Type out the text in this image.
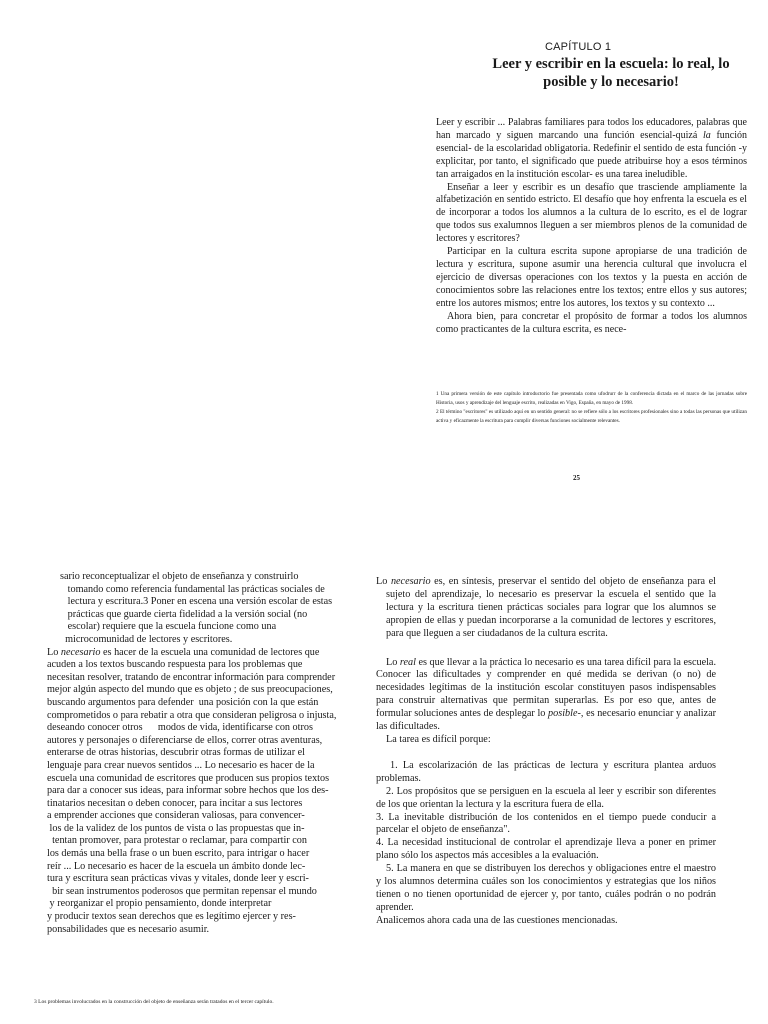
CAPÍTULO 1
Leer y escribir en la escuela: lo real, lo posible y lo necesario!

Leer y escribir ... Palabras familiares para todos los educadores, palabras que han marcado y siguen marcando una función esencial-quizá la función esencial- de la escolaridad obligatoria. Redefinir el sentido de esta función -y explicitar, por tanto, el significado que puede atribuirse hoy a esos términos tan arraigados en la institución escolar- es una tarea ineludible.

Enseñar a leer y escribir es un desafío que trasciende ampliamente la alfabetización en sentido estricto. El desafío que hoy enfrenta la escuela es el de incorporar a todos los alumnos a la cultura de lo escrito, es el de lograr que todos sus exalumnos lleguen a ser miembros plenos de la comunidad de lectores y escritores?

Participar en la cultura escrita supone apropiarse de una tradición de lectura y escritura, supone asumir una herencia cultural que involucra el ejercicio de diversas operaciones con los textos y la puesta en acción de conocimientos sobre las relaciones entre los textos; entre ellos y sus autores; entre los autores mismos; entre los autores, los textos y su contexto ...

Ahora bien, para concretar el propósito de formar a todos los alumnos como practicantes de la cultura escrita, es nece-

1 Una primera versión de este capítulo introductorio fue presentada como ufodrurr de la conferencia dictada en el marco de las jornadas sobre Historia, usos y aprendizaje del lenguaje escrito, realizadas en Vigo, España, en mayo de 1998.

2 El término "escritores" es utilizado aquí en un sentido general: no se refiere sólo a los escritores profesionales sino a todas las personas que utilizan activa y eficazmente la escritura para cumplir diversas funciones socialmente relevantes.

25
sario reconceptualizar el objeto de enseñanza y construirlo
tomando como referencia fundamental las prácticas sociales de
lectura y escritura.3 Poner en escena una versión escolar de estas
prácticas que guarde cierta fidelidad a la versión social (no
escolar) requiere que la escuela funcione como una
microcomunidad de lectores y escritores.
Lo necesario es hacer de la escuela una comunidad de lectores que
acuden a los textos buscando respuesta para los problemas que
necesitan resolver, tratando de encontrar información para comprender
mejor algún aspecto del mundo que es objeto ; de sus preocupaciones,
buscando argumentos para defender  una posición con la que están
comprometidos o para rebatir a otra que consideran peligrosa o injusta,
deseando conocer otros      modos de vida, identificarse con otros
autores y personajes o diferenciarse de ellos, correr otras aventuras,
enterarse de otras historias, descubrir otras formas de utilizar el
lenguaje para crear nuevos sentidos ... Lo necesario es hacer de la
escuela una comunidad de escritores que producen sus propios textos
para dar a conocer sus ideas, para informar sobre hechos que los des-
tinatarios necesitan o deben conocer, para incitar a sus lectores
a emprender acciones que consideran valiosas, para convencer-
los de la validez de los puntos de vista o las propuestas que in-
tentan promover, para protestar o reclamar, para compartir con
los demás una bella frase o un buen escrito, para intrigar o hacer
reír ... Lo necesario es hacer de la escuela un ámbito donde lec-
tura y escritura sean prácticas vivas y vitales, donde leer y escri-
bir sean instrumentos poderosos que permitan repensar el mundo
y reorganizar el propio pensamiento, donde interpretar
y producir textos sean derechos que es legítimo ejercer y res-
ponsabilidades que es necesario asumir.
3 Los problemas involucrados en la construcción del objeto de enseñanza serán tratados en el tercer capítulo.

Lo necesario es, en síntesis, preservar el sentido del objeto de enseñanza para el sujeto del aprendizaje, lo necesario es preservar la escuela el sentido que la lectura y la escritura tienen prácticas sociales para lograr que los alumnos se apropien de ellas y puedan incorporarse a la comunidad de lectores y escritores, para que lleguen a ser ciudadanos de la cultura escrita.

Lo real es que llevar a la práctica lo necesario es una tarea difícil para la escuela. Conocer las dificultades y comprender en qué medida se derivan (o no) de necesidades legítimas de la institución escolar constituyen pasos indispensables para construir alternativas que permitan superarlas. Es por eso que, antes de formular soluciones antes de desplegar lo posible-, es necesario enunciar y analizar las dificultades.

La tarea es difícil porque:

1. La escolarización de las prácticas de lectura y escritura plantea arduos problemas.

2. Los propósitos que se persiguen en la escuela al leer y escribir son diferentes de los que orientan la lectura y la escritura fuera de ella.

3. La inevitable distribución de los contenidos en el tiempo puede conducir a parcelar el objeto de enseñanza".

4. La necesidad institucional de controlar el aprendizaje lleva a poner en primer plano sólo los aspectos más accesibles a la evaluación.

5. La manera en que se distribuyen los derechos y obligaciones entre el maestro y los alumnos determina cuáles son los conocimientos y estrategias que los niños tienen o no tienen oportunidad de ejercer y, por tanto, cuáles podrán o no podrán aprender.

Analicemos ahora cada una de las cuestiones mencionadas.
